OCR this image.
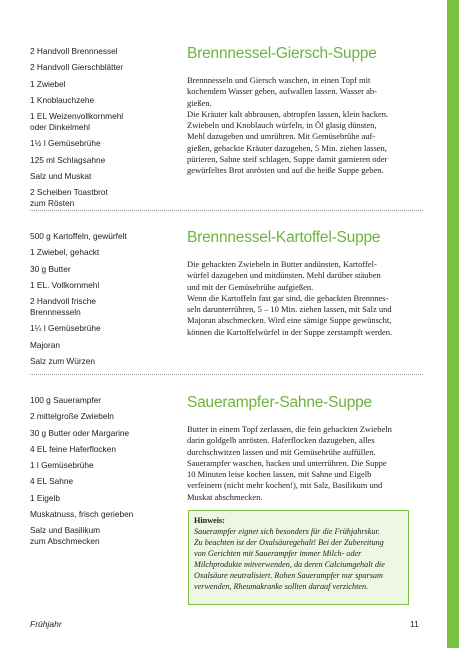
2 Handvoll Brennnessel
2 Handvoll Gierschblätter
1 Zwiebel
1 Knoblauchzehe
1 EL Weizenvollkornmehl
oder Dinkelmehl
1½ l Gemüsebrühe
125 ml Schlagsahne
Salz und Muskat
2 Scheiben Toastbrot
zum Rösten
Brennnessel-Giersch-Suppe
Brennnesseln und Giersch waschen, in einen Topf mit
kochendem Wasser geben, aufwallen lassen. Wasser ab-
gießen.
Die Kräuter kalt abbrausen, abtropfen lassen, klein hacken.
Zwiebeln und Knoblauch würfeln, in Öl glasig dünsten,
Mehl dazugeben und umrühren. Mit Gemüsebrühe auf-
gießen, gehackte Kräuter dazugeben, 5 Min. ziehen lassen,
pürieren, Sahne steif schlagen, Suppe damit garnieren oder
gewürfeltes Brot anrösten und auf die heiße Suppe geben.
500 g Kartoffeln, gewürfelt
1 Zwiebel, gehackt
30 g Butter
1 EL. Vollkornmehl
2 Handvoll frische
Brennnesseln
1¼ l Gemüsebrühe
Majoran
Salz zum Würzen
Brennnessel-Kartoffel-Suppe
Die gehackten Zwiebeln in Butter andünsten, Kartoffel-
würfel dazugeben und mitdünsten. Mehl darüber stäuben
und mit der Gemüsebrühe aufgießen.
Wenn die Kartoffeln fast gar sind, die gehackten Brennnes-
seln darunterrühren, 5 – 10 Min. ziehen lassen, mit Salz und
Majoran abschmecken. Wird eine sämige Suppe gewünscht,
können die Kartoffelwürfel in der Suppe zerstampft werden.
100 g Sauerampfer
2 mittelgroße Zwiebeln
30 g Butter oder Margarine
4 EL feine Haferflocken
1 l Gemüsebrühe
4 EL Sahne
1 Eigelb
Muskatnuss, frisch gerieben
Salz und Basilikum
zum Abschmecken
Sauerampfer-Sahne-Suppe
Butter in einem Topf zerlassen, die fein gehackten Zwiebeln
darin goldgelb anrösten. Haferflocken dazugeben, alles
durchschwitzen lassen und mit Gemüsebrühe auffüllen.
Sauerampfer waschen, hacken und unterrühren. Die Suppe
10 Minuten leise kochen lassen, mit Sahne und Eigelb
verfeinern (nicht mehr kochen!), mit Salz, Basilikum und
Muskat abschmecken.
Hinweis:
Sauerampfer eignet sich besonders für die Frühjahrskur.
Zu beachten ist der Oxalsäuregehalt! Bei der Zubereitung
von Gerichten mit Sauerampfer immer Milch- oder
Milchprodukte mitverwenden, da deren Calciumgehalt die
Oxalsäure neutralisiert. Rohen Sauerampfer nur sparsam
verwenden, Rheumakranke sollten darauf verzichten.
Frühjahr	11
